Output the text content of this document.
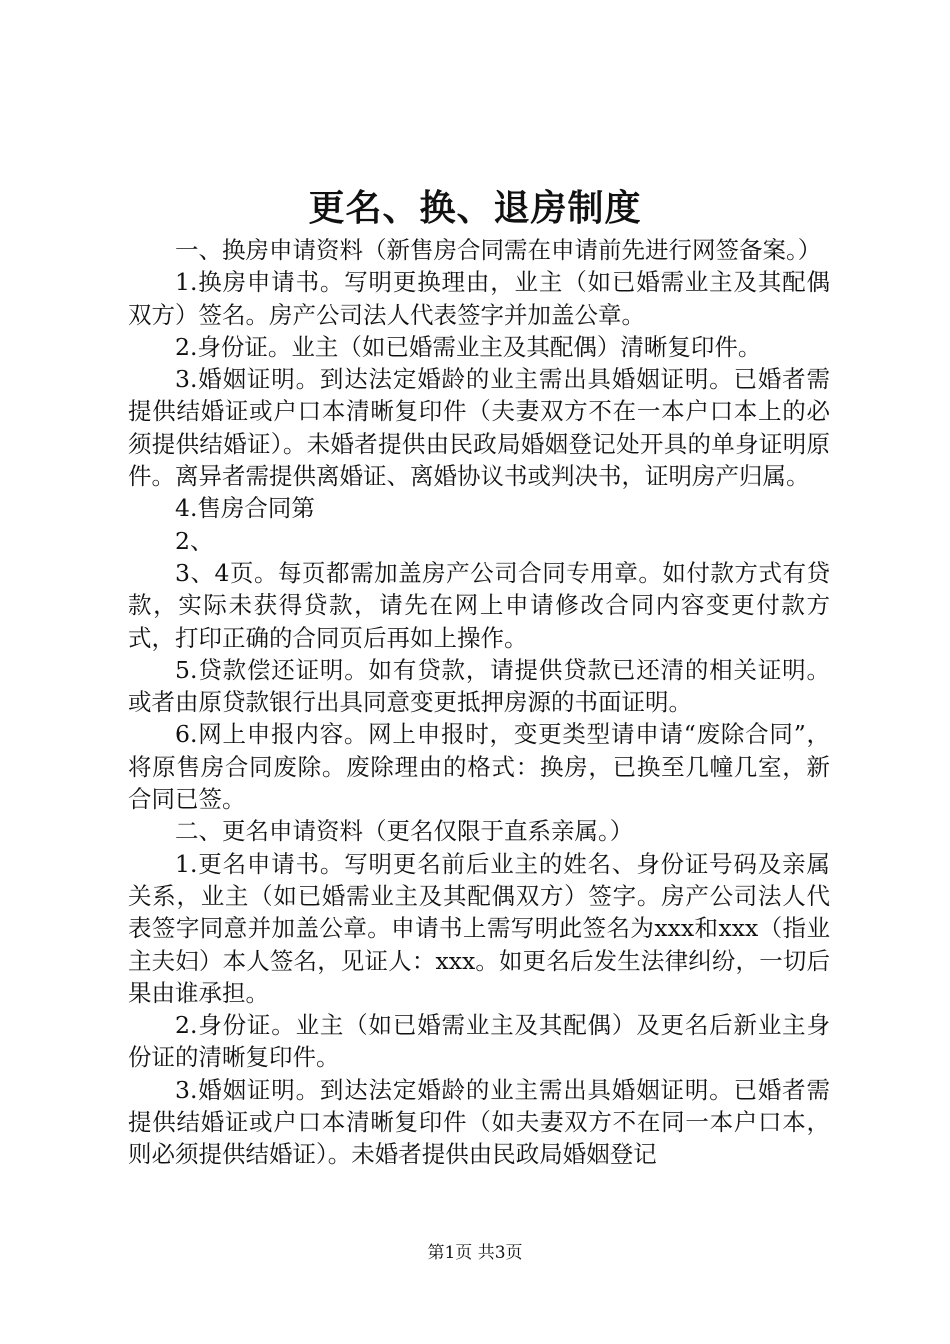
更名、换、退房制度

一、换房申请资料（新售房合同需在申请前先进行网签备案。）

1.换房申请书。写明更换理由，业主（如已婚需业主及其配偶双方）签名。房产公司法人代表签字并加盖公章。

2.身份证。业主（如已婚需业主及其配偶）清晰复印件。

3.婚姻证明。到达法定婚龄的业主需出具婚姻证明。已婚者需提供结婚证或户口本清晰复印件（夫妻双方不在一本户口本上的必须提供结婚证）。未婚者提供由民政局婚姻登记处开具的单身证明原件。离异者需提供离婚证、离婚协议书或判决书，证明房产归属。

4.售房合同第

2、

3、4页。每页都需加盖房产公司合同专用章。如付款方式有贷款，实际未获得贷款，请先在网上申请修改合同内容变更付款方式，打印正确的合同页后再如上操作。

5.贷款偿还证明。如有贷款，请提供贷款已还清的相关证明。或者由原贷款银行出具同意变更抵押房源的书面证明。

6.网上申报内容。网上申报时，变更类型请申请“废除合同”，将原售房合同废除。废除理由的格式：换房，已换至几幢几室，新合同已签。

二、更名申请资料（更名仅限于直系亲属。）

1.更名申请书。写明更名前后业主的姓名、身份证号码及亲属关系，业主（如已婚需业主及其配偶双方）签字。房产公司法人代表签字同意并加盖公章。申请书上需写明此签名为xxx和xxx（指业主夫妇）本人签名，见证人：xxx。如更名后发生法律纠纷，一切后果由谁承担。

2.身份证。业主（如已婚需业主及其配偶）及更名后新业主身份证的清晰复印件。

3.婚姻证明。到达法定婚龄的业主需出具婚姻证明。已婚者需提供结婚证或户口本清晰复印件（如夫妻双方不在同一本户口本，则必须提供结婚证）。未婚者提供由民政局婚姻登记

第1页 共3页
